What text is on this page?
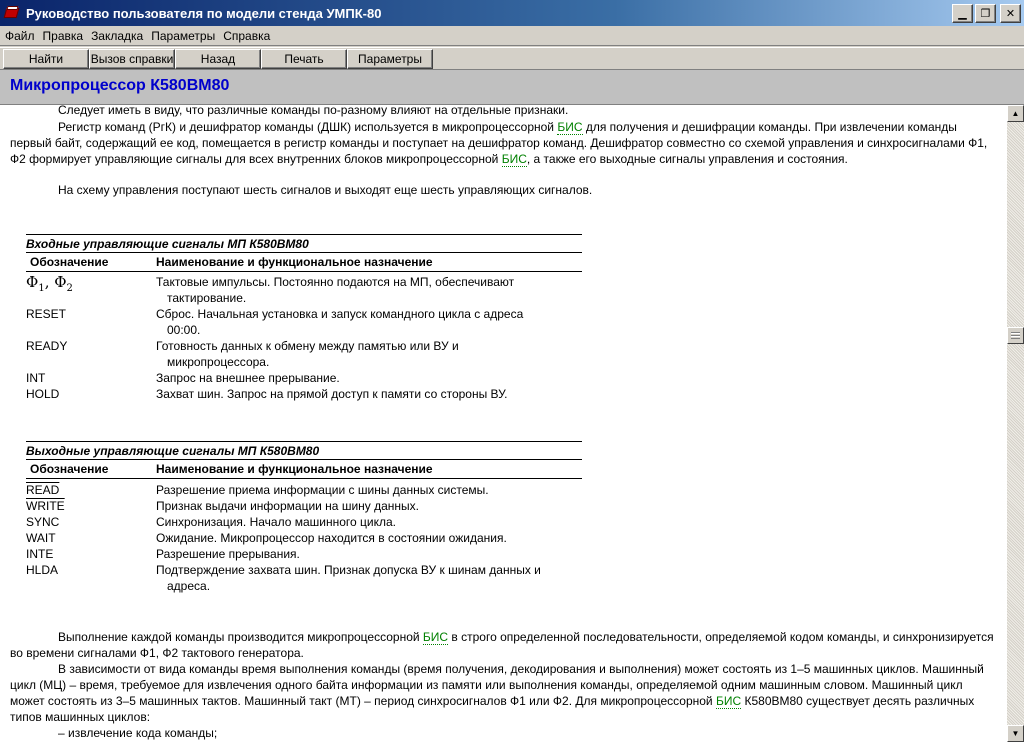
Руководство пользователя по модели стенда УМПК-80	▁ ❐ ✕
Файл Правка Закладка Параметры Справка
Найти	Вызов справки	Назад	Печать	Параметры
Микропроцессор К580ВМ80
Следует иметь в виду, что различные команды по-разному влияют на отдельные признаки.
Регистр команд (РгК) и дешифратор команды (ДШК) используется в микропроцессорной БИС для получения и дешифрации команды. При извлечении команды первый байт, содержащий ее код, помещается в регистр команды и поступает на дешифратор команд. Дешифратор совместно со схемой управления и синхросигналами Ф1, Ф2 формирует управляющие сигналы для всех внутренних блоков микропроцессорной БИС, а также его выходные сигналы управления и состояния.
На схему управления поступают шесть сигналов и выходят еще шесть управляющих сигналов.
Входные управляющие сигналы МП К580ВМ80
Обозначение	Наименование и функциональное назначение
$\Phi_1$, $\Phi_2$	Тактовые импульсы. Постоянно подаются на МП, обеспечивают
тактирование.
RESET	Сброс. Начальная установка и запуск командного цикла с адреса
00:00.
READY	Готовность данных к обмену между памятью или ВУ и
микропроцессора.
INT	Запрос на внешнее прерывание.
HOLD	Захват шин. Запрос на прямой доступ к памяти со стороны ВУ.
Выходные управляющие сигналы МП К580ВМ80
Обозначение	Наименование и функциональное назначение
READ	Разрешение приема информации с шины данных системы.
WRITE	Признак выдачи информации на шину данных.
SYNC	Синхронизация. Начало машинного цикла.
WAIT	Ожидание. Микропроцессор находится в состоянии ожидания.
INTE	Разрешение прерывания.
HLDA	Подтверждение захвата шин. Признак допуска ВУ к шинам данных и
адреса.
Выполнение каждой команды производится микропроцессорной БИС в строго определенной последовательности, определяемой кодом команды, и синхронизируется во времени сигналами Ф1, Ф2 тактового генератора.
В зависимости от вида команды время выполнения команды (время получения, декодирования и выполнения) может состоять из 1–5 машинных циклов. Машинный цикл (МЦ) – время, требуемое для извлечения одного байта информации из памяти или выполнения команды, определяемой одним машинным словом. Машинный цикл может состоять из 3–5 машинных тактов. Машинный такт (МТ) – период синхросигналов Ф1 или Ф2. Для микропроцессорной БИС К580ВМ80 существует десять различных типов машинных циклов:
– извлечение кода команды;
▲
▼
